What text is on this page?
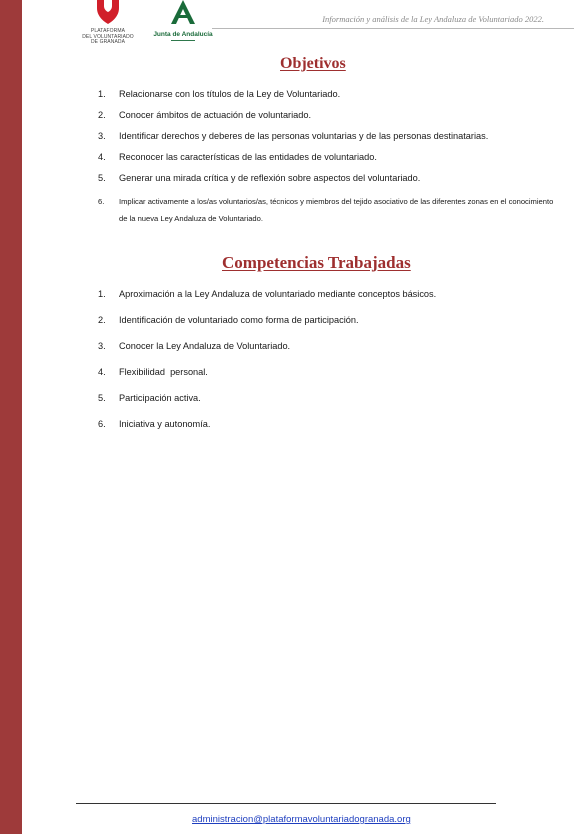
PLATAFORMA
DEL VOLUNTARIADO
DE GRANADA
Junta de Andalucía
▬▬▬▬▬▬▬▬
Información y análisis de la Ley Andaluza de Voluntariado 2022.
Objetivos
1. Relacionarse con los títulos de la Ley de Voluntariado.
2. Conocer ámbitos de actuación de voluntariado.
3. Identificar derechos y deberes de las personas voluntarias y de las personas destinatarias.
4. Reconocer las características de las entidades de voluntariado.
5. Generar una mirada crítica y de reflexión sobre aspectos del voluntariado.
6. Implicar activamente a los/as voluntarios/as, técnicos y miembros del tejido asociativo de las diferentes zonas en el conocimiento de la nueva Ley Andaluza de Voluntariado.
Competencias Trabajadas
1. Aproximación a la Ley Andaluza de voluntariado mediante conceptos básicos.
2. Identificación de voluntariado como forma de participación.
3. Conocer la Ley Andaluza de Voluntariado.
4. Flexibilidad  personal.
5. Participación activa.
6. Iniciativa y autonomía.
administracion@plataformavoluntariadogranada.org
